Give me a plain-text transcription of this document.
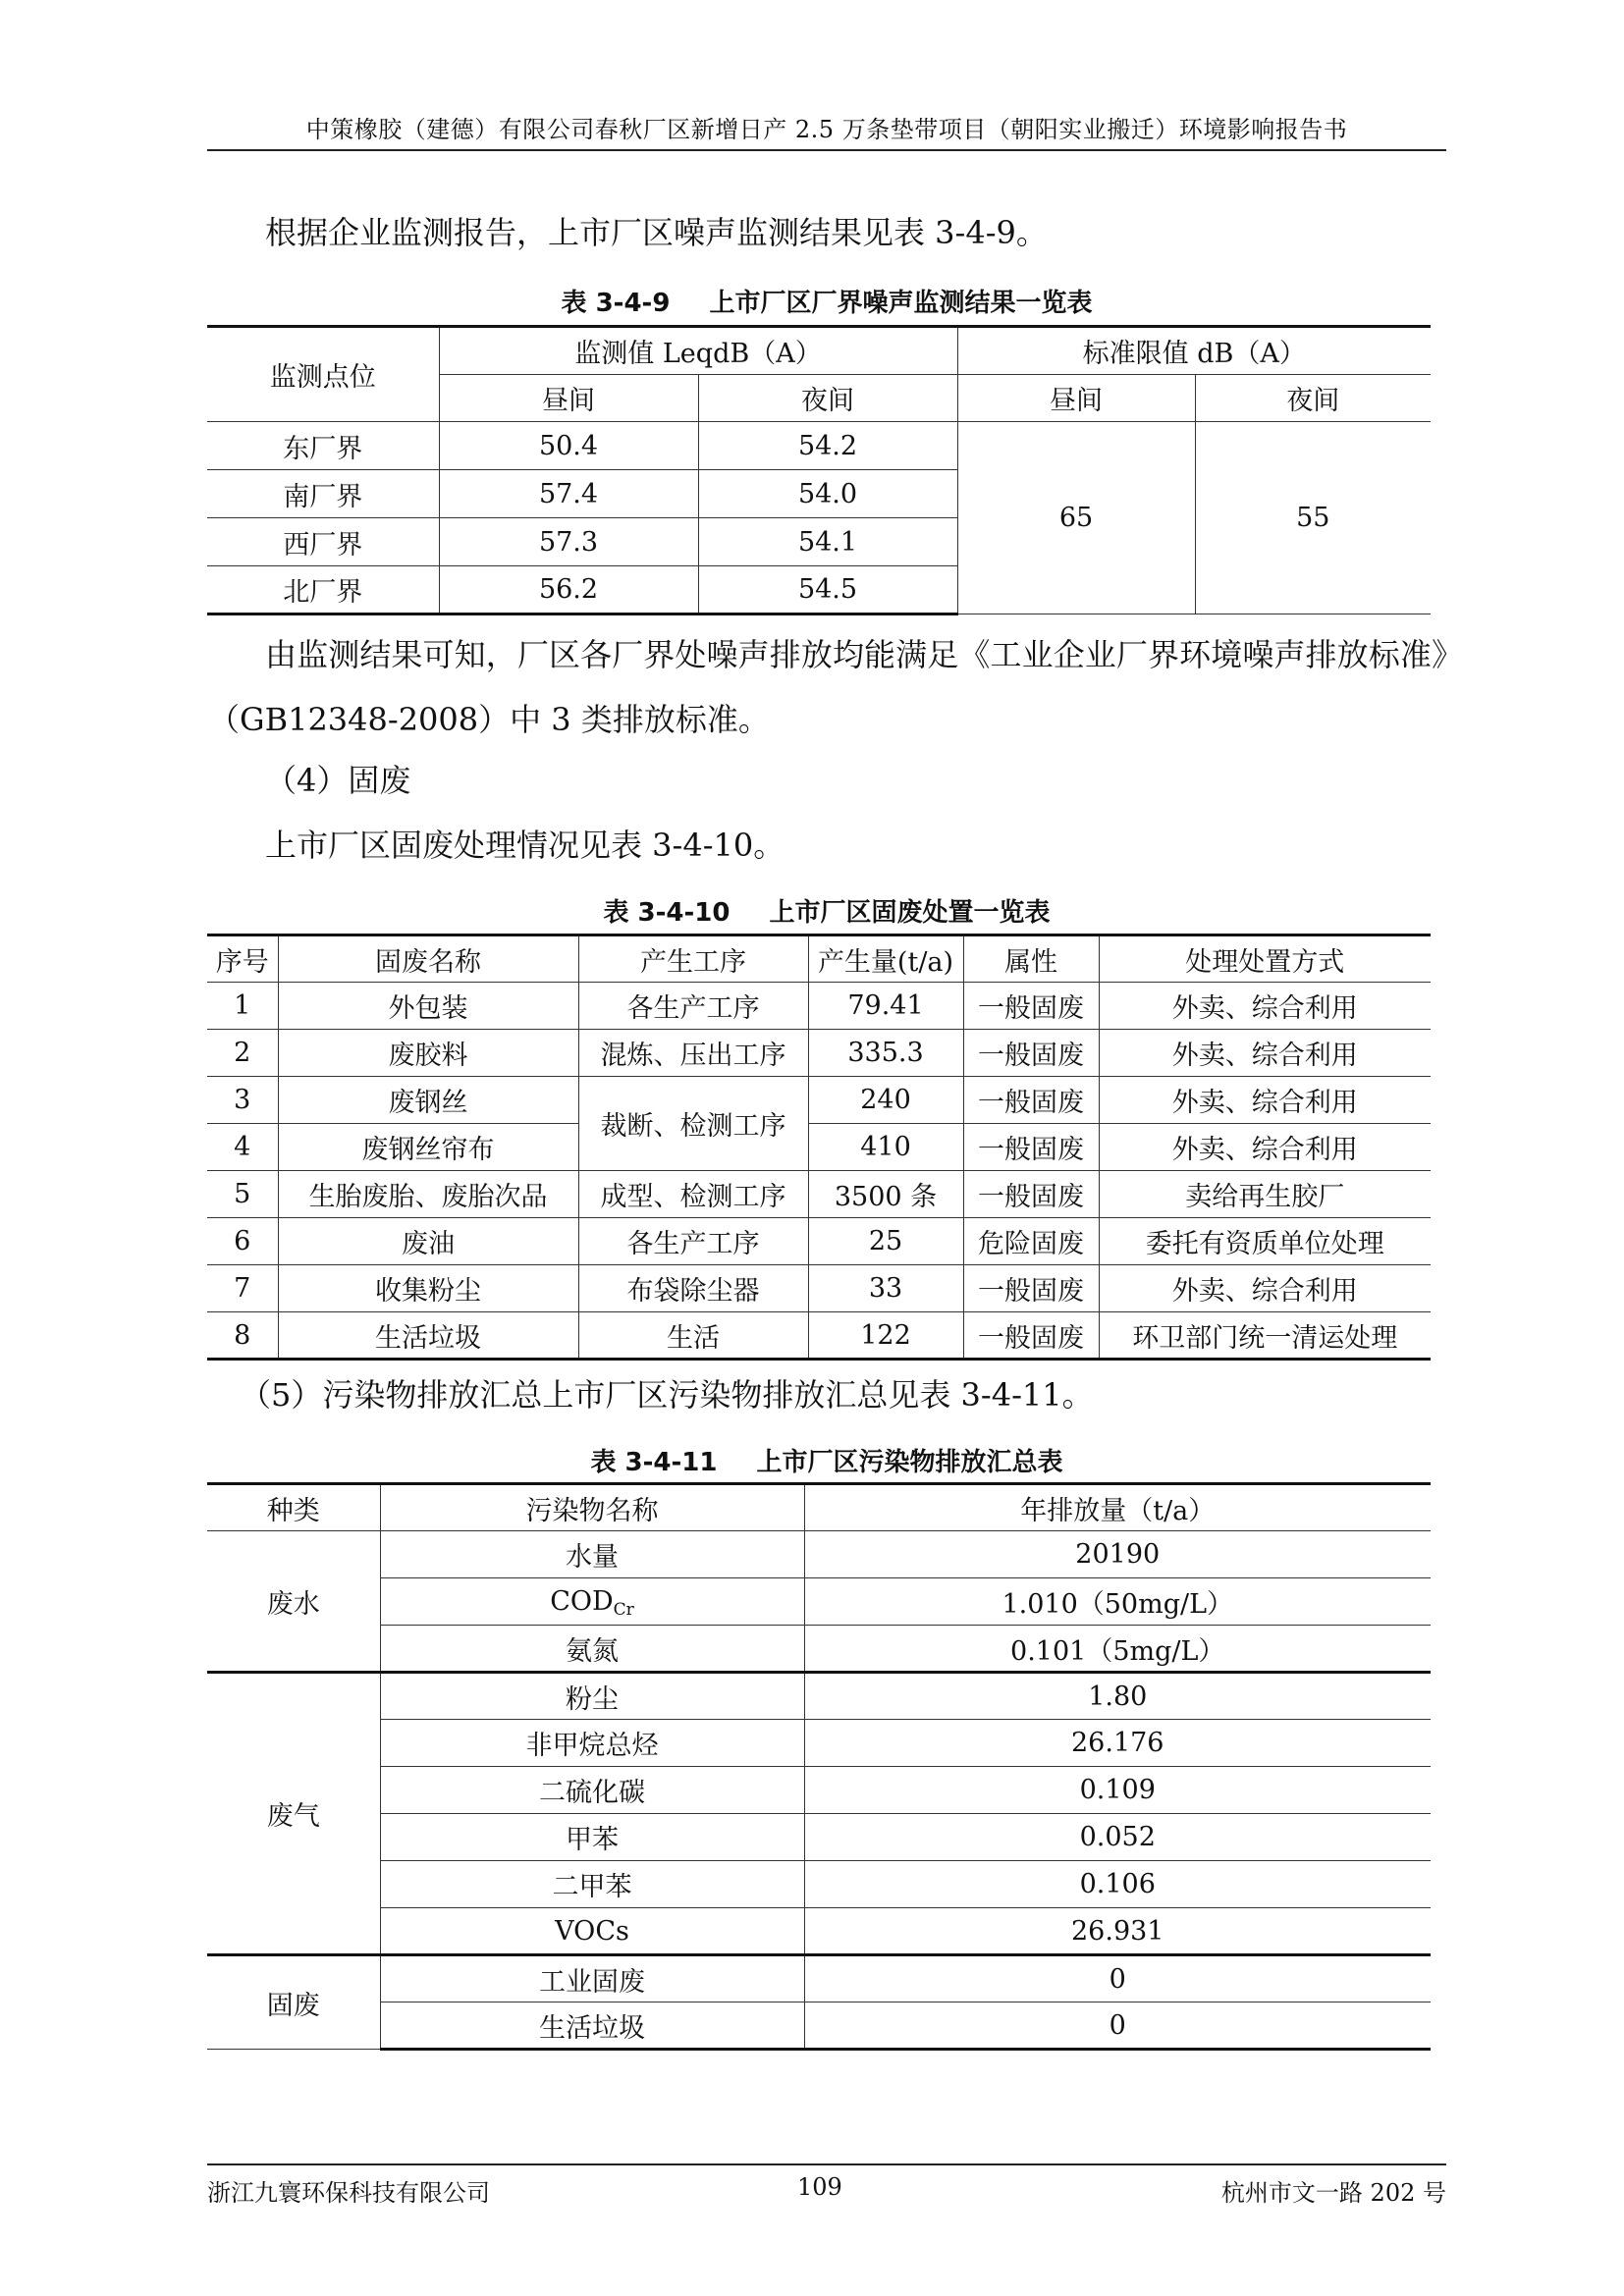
中策橡胶（建德）有限公司春秋厂区新增日产 2.5 万条垫带项目（朝阳实业搬迁）环境影响报告书

根据企业监测报告，上市厂区噪声监测结果见表 3-4-9。

表 3-4-9 上市厂区厂界噪声监测结果一览表
监测点位	监测值 LeqdB（A）		标准限值 dB（A）	
	昼间	夜间	昼间	夜间
东厂界	50.4	54.2	65	55
南厂界	57.4	54.0		
西厂界	57.3	54.1		
北厂界	56.2	54.5		

由监测结果可知，厂区各厂界处噪声排放均能满足《工业企业厂界环境噪声排放标准》（GB12348-2008）中 3 类排放标准。

（4）固废

上市厂区固废处理情况见表 3-4-10。

表 3-4-10 上市厂区固废处置一览表
序号	固废名称	产生工序	产生量(t/a)	属性	处理处置方式
1	外包装	各生产工序	79.41	一般固废	外卖、综合利用
2	废胶料	混炼、压出工序	335.3	一般固废	外卖、综合利用
3	废钢丝	裁断、检测工序	240	一般固废	外卖、综合利用
4	废钢丝帘布		410	一般固废	外卖、综合利用
5	生胎废胎、废胎次品	成型、检测工序	3500 条	一般固废	卖给再生胶厂
6	废油	各生产工序	25	危险固废	委托有资质单位处理
7	收集粉尘	布袋除尘器	33	一般固废	外卖、综合利用
8	生活垃圾	生活	122	一般固废	环卫部门统一清运处理

（5）污染物排放汇总上市厂区污染物排放汇总见表 3-4-11。

表 3-4-11 上市厂区污染物排放汇总表
种类	污染物名称	年排放量（t/a）
废水	水量	20190
	$COD_{Cr}$	1.010（50mg/L）
	氨氮	0.101（5mg/L）
废气	粉尘	1.80
	非甲烷总烃	26.176
	二硫化碳	0.109
	甲苯	0.052
	二甲苯	0.106
	VOCs	26.931
固废	工业固废	0
	生活垃圾	0
浙江九寰环保科技有限公司	109	杭州市文一路 202 号
